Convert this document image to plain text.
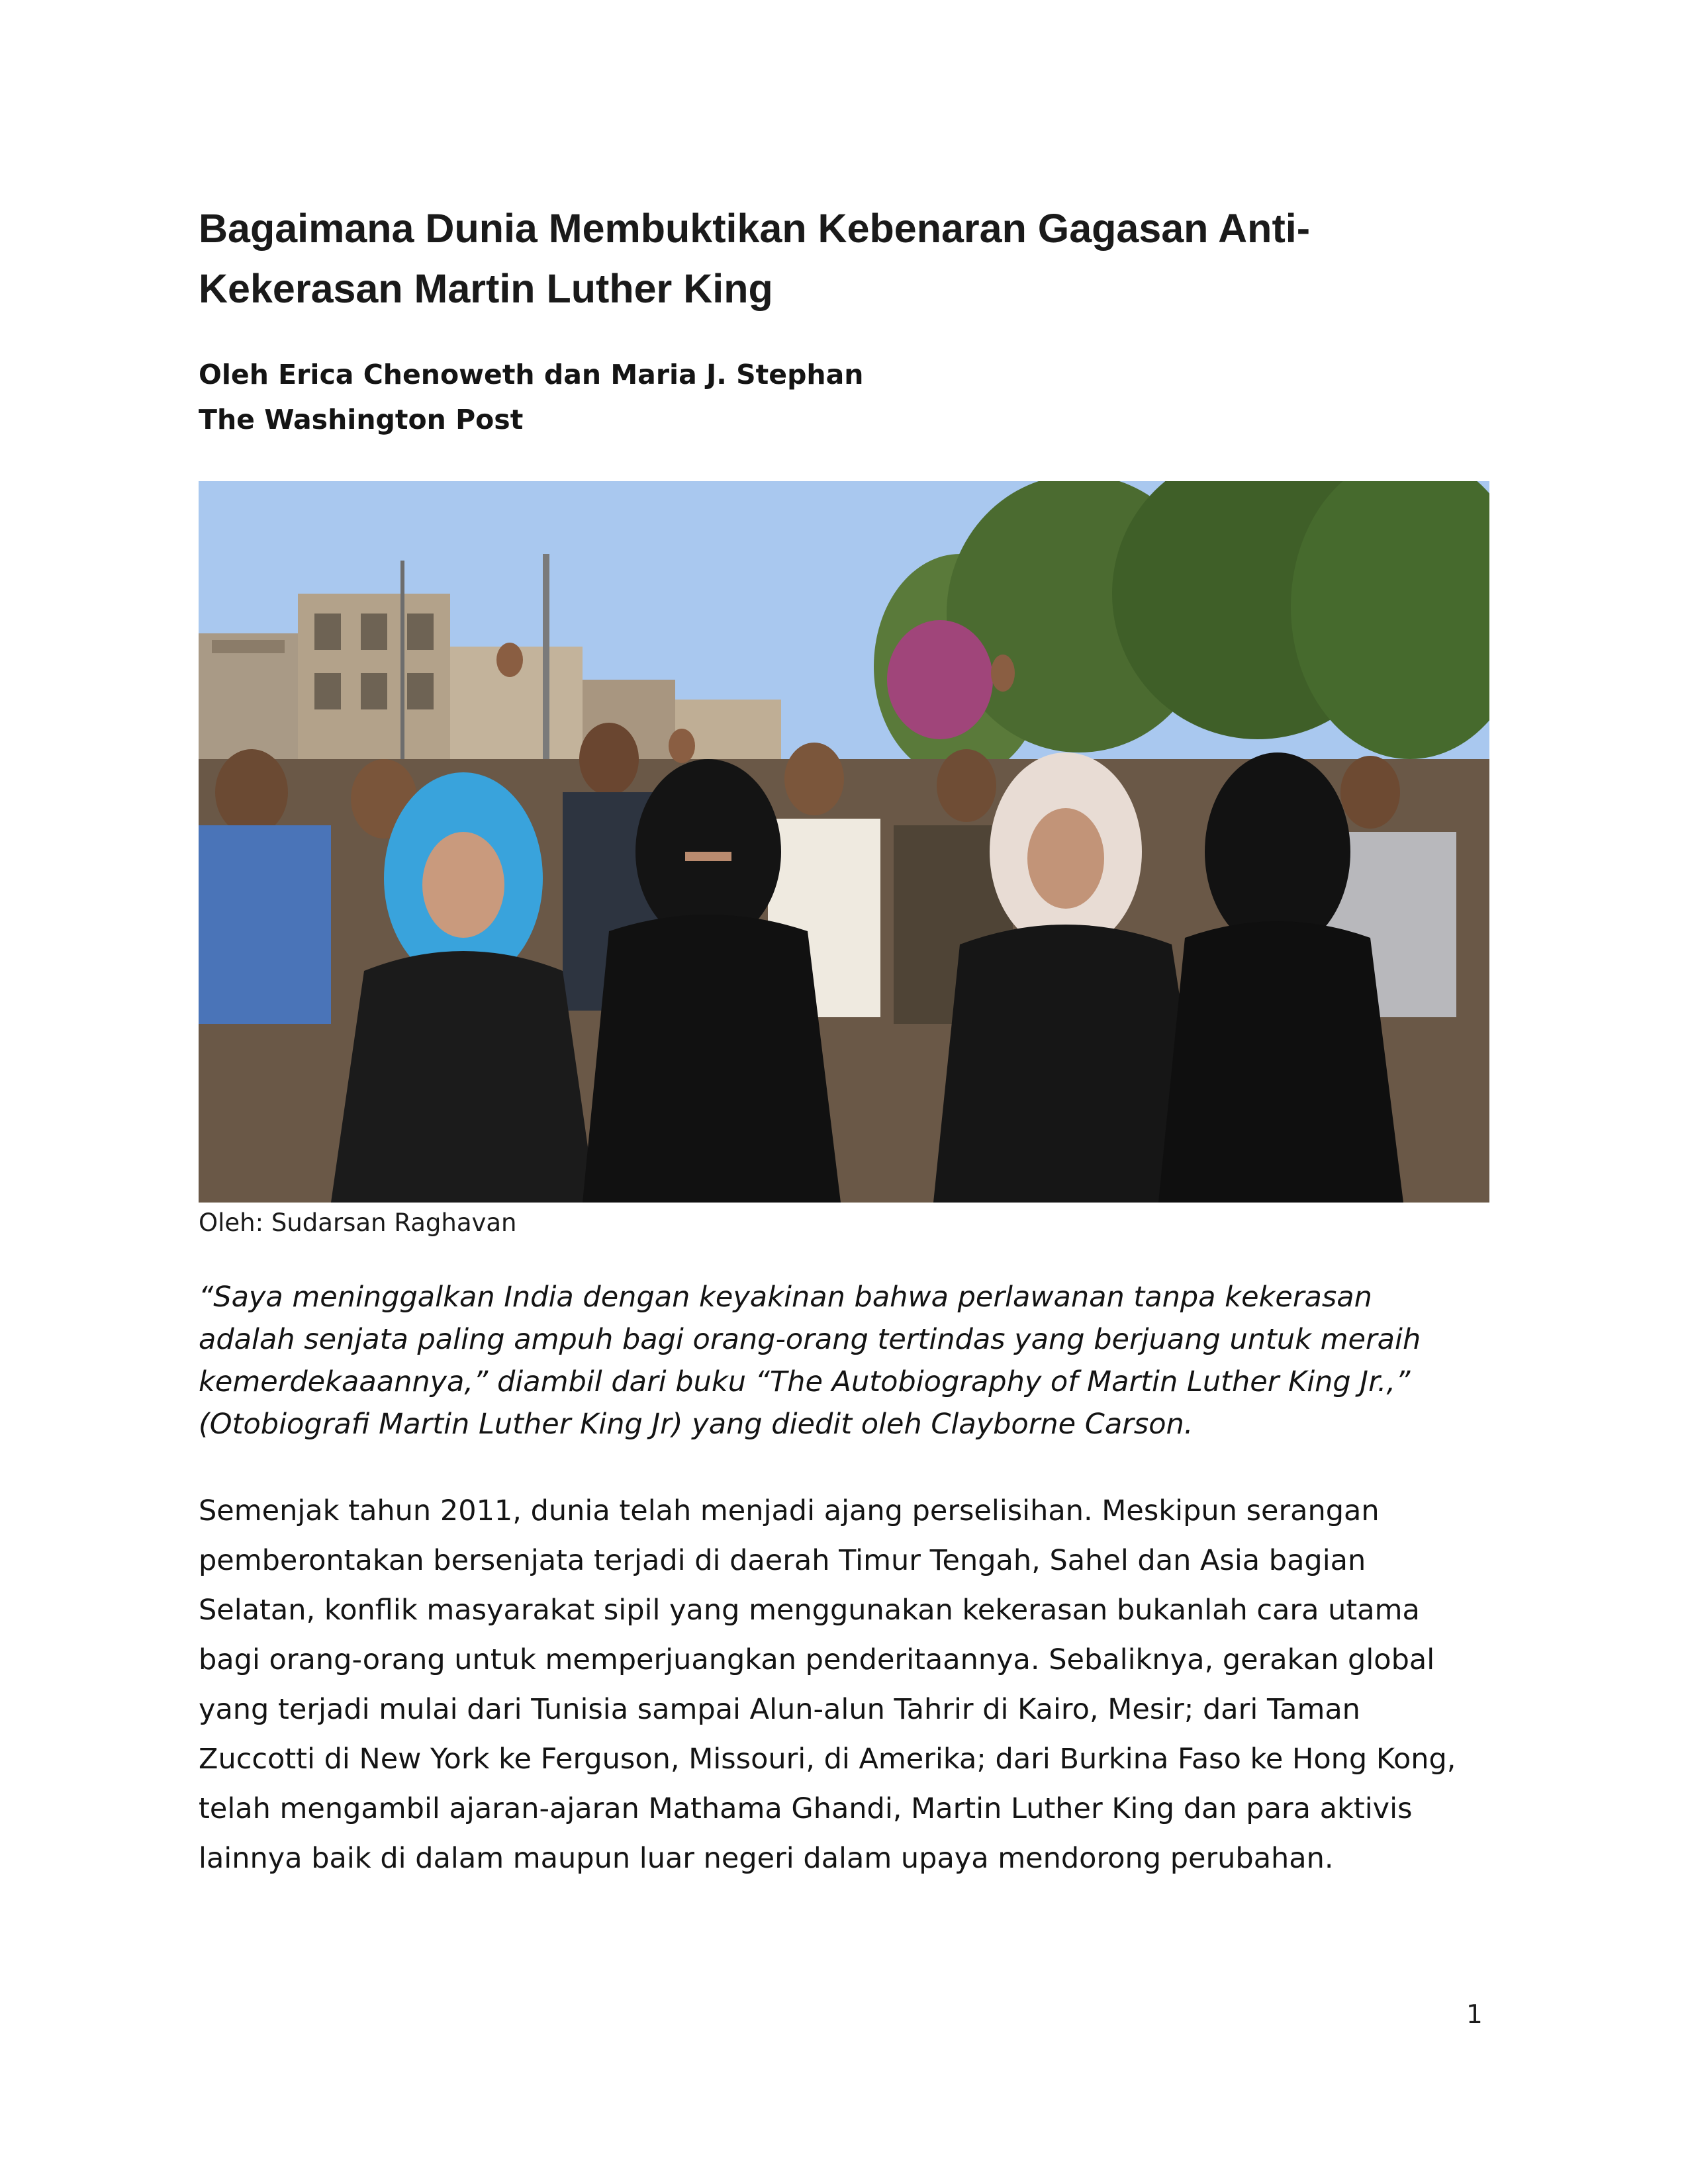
Bagaimana Dunia Membuktikan Kebenaran Gagasan Anti-
Kekerasan Martin Luther King
Oleh Erica Chenoweth dan Maria J. Stephan
The Washington Post
Oleh: Sudarsan Raghavan
“Saya meninggalkan India dengan keyakinan bahwa perlawanan tanpa kekerasan
adalah senjata paling ampuh bagi orang-orang tertindas yang berjuang untuk meraih
kemerdekaaannya,” diambil dari buku “The Autobiography of Martin Luther King Jr.,”
(Otobiografi Martin Luther King Jr) yang diedit oleh Clayborne Carson.
Semenjak tahun 2011, dunia telah menjadi ajang perselisihan. Meskipun serangan
pemberontakan bersenjata terjadi di daerah Timur Tengah, Sahel dan Asia bagian
Selatan, konflik masyarakat sipil yang menggunakan kekerasan bukanlah cara utama
bagi orang-orang untuk memperjuangkan penderitaannya. Sebaliknya, gerakan global
yang terjadi mulai dari Tunisia sampai Alun-alun Tahrir di Kairo, Mesir; dari Taman
Zuccotti di New York ke Ferguson, Missouri, di Amerika; dari Burkina Faso ke Hong Kong,
telah mengambil ajaran-ajaran Mathama Ghandi, Martin Luther King dan para aktivis
lainnya baik di dalam maupun luar negeri dalam upaya mendorong perubahan.
1
